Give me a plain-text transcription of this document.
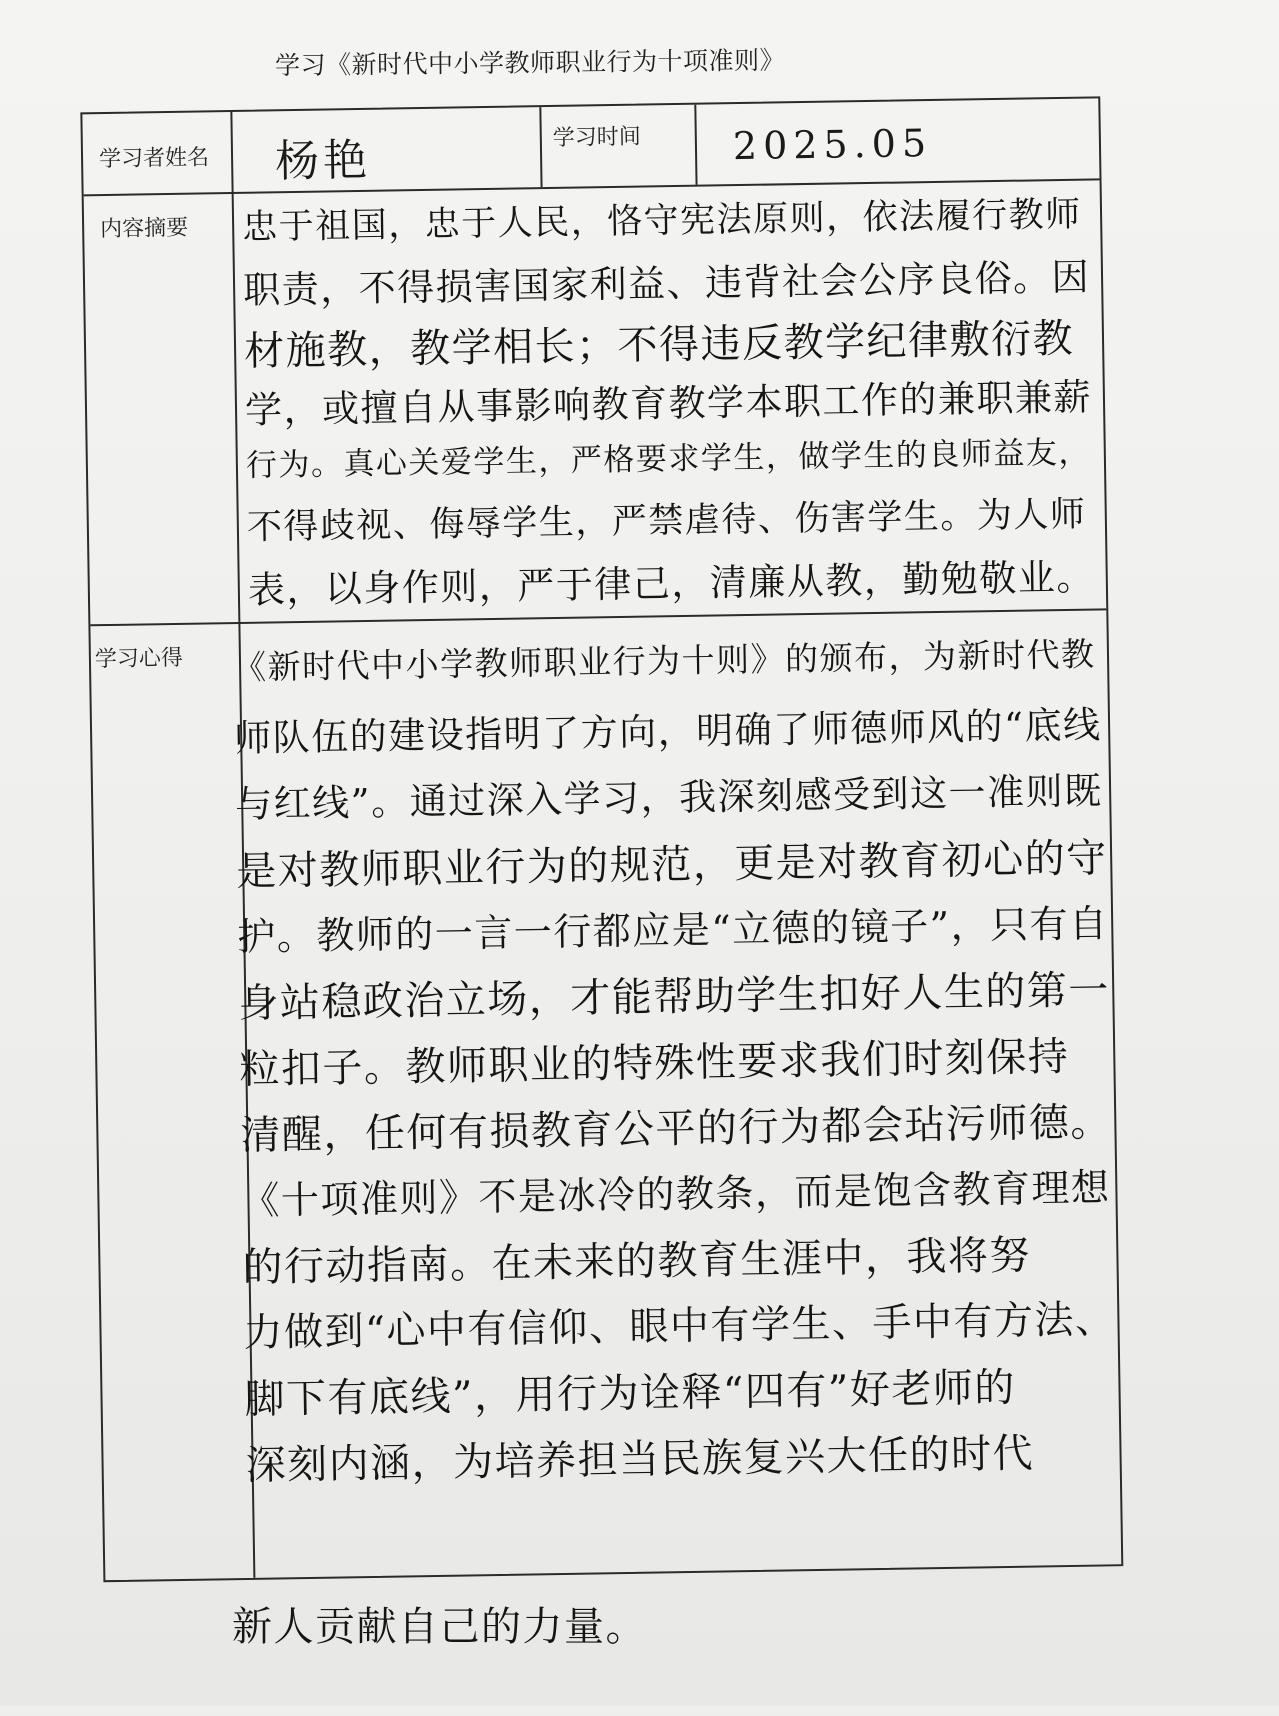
学习《新时代中小学教师职业行为十项准则》
学习者姓名 杨艳	学习时间 2025.05
内容摘要 忠于祖国，忠于人民，恪守宪法原则，依法履行教师
职责，不得损害国家利益、违背社会公序良俗。因
材施教，教学相长；不得违反教学纪律敷衍教
学，或擅自从事影响教育教学本职工作的兼职兼薪
行为。真心关爱学生，严格要求学生，做学生的良师益友，
不得歧视、侮辱学生，严禁虐待、伤害学生。为人师
表，以身作则，严于律己，清廉从教，勤勉敬业。
学习心得 《新时代中小学教师职业行为十则》的颁布，为新时代教
师队伍的建设指明了方向，明确了师德师风的“底线
与红线”。通过深入学习，我深刻感受到这一准则既
是对教师职业行为的规范，更是对教育初心的守
护。教师的一言一行都应是“立德的镜子”，只有自
身站稳政治立场，才能帮助学生扣好人生的第一
粒扣子。教师职业的特殊性要求我们时刻保持
清醒，任何有损教育公平的行为都会玷污师德。
《十项准则》不是冰冷的教条，而是饱含教育理想
的行动指南。在未来的教育生涯中，我将努
力做到“心中有信仰、眼中有学生、手中有方法、
脚下有底线”，用行为诠释“四有”好老师的
深刻内涵，为培养担当民族复兴大任的时代
新人贡献自己的力量。
